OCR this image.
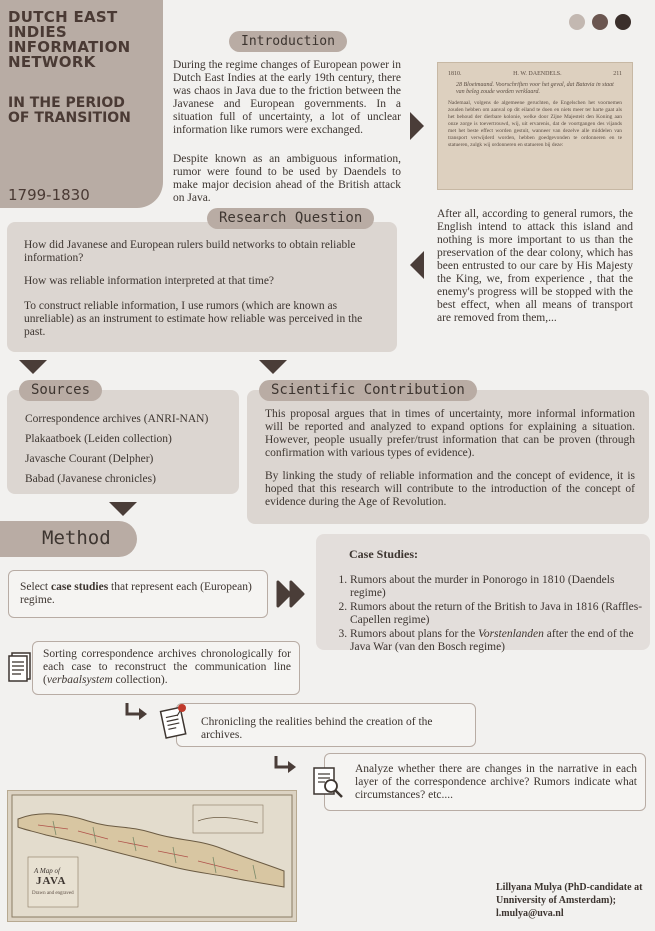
DUTCH EAST INDIES
INFORMATION
NETWORK
IN THE PERIOD
OF TRANSITION
1799-1830
Introduction
During the regime changes of European power in Dutch East Indies at the early 19th century, there was chaos in Java due to the friction between the Javanese and European governments. In a situation full of uncertainty, a lot of unclear information like rumors were exchanged.
Despite known as an ambiguous information, rumor were found to be used by Daendels to make major decision ahead of the British attack on Java.
1810.	H. W. DAENDELS.	211
28 Bloeimaand. Voorschriften voor het geval, dat Batavia in staat van beleg zoude worden verklaard.
Nademaal, volgens de algemeene geruchten, de Engelschen het voornemen zouden hebben om aanval op dit eiland te doen en niets meer ter harte gaat als het behoud der dierbare kolonie, welke door Zijne Majesteit den Koning aan onze zorge is toevertrouwd, wij, uit ervarenis, dat de voortgangen des vijands met het beste effect worden gestuit, wanneer van dezelve alle middelen van transport verwijderd worden, hebben goedgevonden te ordonneren en te statueren, zulgk wij ordonneren en statueren bij deze:
After all, according to general rumors, the English intend to attack this island and nothing is more important to us than the preservation of the dear colony, which has been entrusted to our care by His Majesty the King, we, from experience , that the enemy's progress will be stopped with the best effect, when all means of transport are removed from them,...
Research Question
How did Javanese and European rulers build networks to obtain reliable information?
How was reliable information interpreted at that time?
To construct reliable information, I use rumors (which are known as unreliable) as an instrument to estimate how reliable was perceived in the past.
Sources
Correspondence archives (ANRI-NAN)
Plakaatboek (Leiden collection)
Javasche Courant (Delpher)
Babad (Javanese chronicles)
Scientific Contribution
This proposal argues that in times of uncertainty, more informal information will be reported and analyzed to expand options for explaining a situation. However, people usually prefer/trust information that can be proven (through confirmation with various types of evidence).
By linking the study of reliable information and the concept of evidence, it is hoped that this research will contribute to the introduction of the concept of evidence during the Age of Revolution.
Method
Select case studies that represent each (European) regime.
Case Studies:
1. Rumors about the murder in Ponorogo in 1810 (Daendels regime)
2. Rumors about the return of the British to Java in 1816 (Raffles-Capellen regime)
3. Rumors about plans for the Vorstenlanden after the end of the Java War (van den Bosch regime)
Sorting correspondence archives chronologically for each case to reconstruct the communication line (verbaalsystem collection).
Chronicling the realities behind the creation of the archives.
Analyze whether there are changes in the narrative in each layer of the correspondence archive? Rumors indicate what circumstances? etc....
A Map of
JAVA
Drawn and engraved
Lillyana Mulya (PhD-candidate at
Unniversity of Amsterdam);
l.mulya@uva.nl
